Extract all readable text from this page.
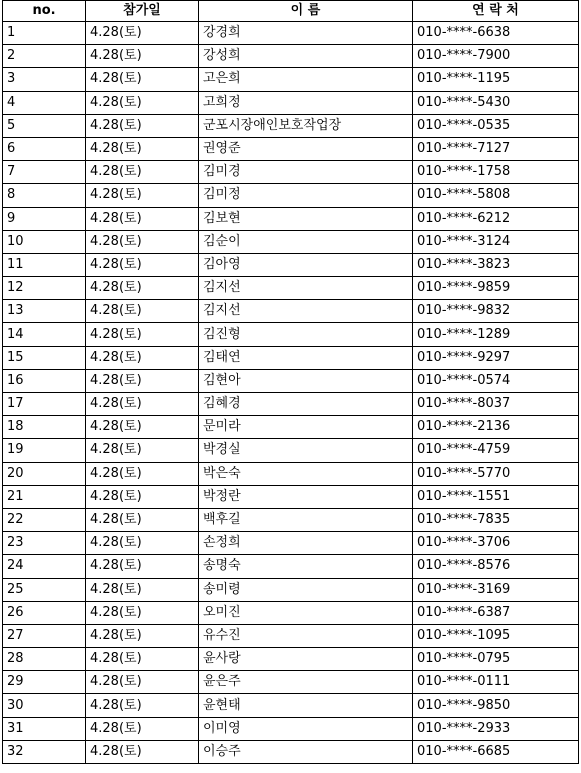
no.	참가일	이 름	연 락 처
1	4.28(토)	강경희	010-****-6638
2	4.28(토)	강성희	010-****-7900
3	4.28(토)	고은희	010-****-1195
4	4.28(토)	고희정	010-****-5430
5	4.28(토)	군포시장애인보호작업장	010-****-0535
6	4.28(토)	권영준	010-****-7127
7	4.28(토)	김미경	010-****-1758
8	4.28(토)	김미정	010-****-5808
9	4.28(토)	김보현	010-****-6212
10	4.28(토)	김순이	010-****-3124
11	4.28(토)	김아영	010-****-3823
12	4.28(토)	김지선	010-****-9859
13	4.28(토)	김지선	010-****-9832
14	4.28(토)	김진형	010-****-1289
15	4.28(토)	김태연	010-****-9297
16	4.28(토)	김현아	010-****-0574
17	4.28(토)	김혜경	010-****-8037
18	4.28(토)	문미라	010-****-2136
19	4.28(토)	박경실	010-****-4759
20	4.28(토)	박은숙	010-****-5770
21	4.28(토)	박정란	010-****-1551
22	4.28(토)	백후길	010-****-7835
23	4.28(토)	손정희	010-****-3706
24	4.28(토)	송명숙	010-****-8576
25	4.28(토)	송미령	010-****-3169
26	4.28(토)	오미진	010-****-6387
27	4.28(토)	유수진	010-****-1095
28	4.28(토)	윤사랑	010-****-0795
29	4.28(토)	윤은주	010-****-0111
30	4.28(토)	윤현태	010-****-9850
31	4.28(토)	이미영	010-****-2933
32	4.28(토)	이승주	010-****-6685
